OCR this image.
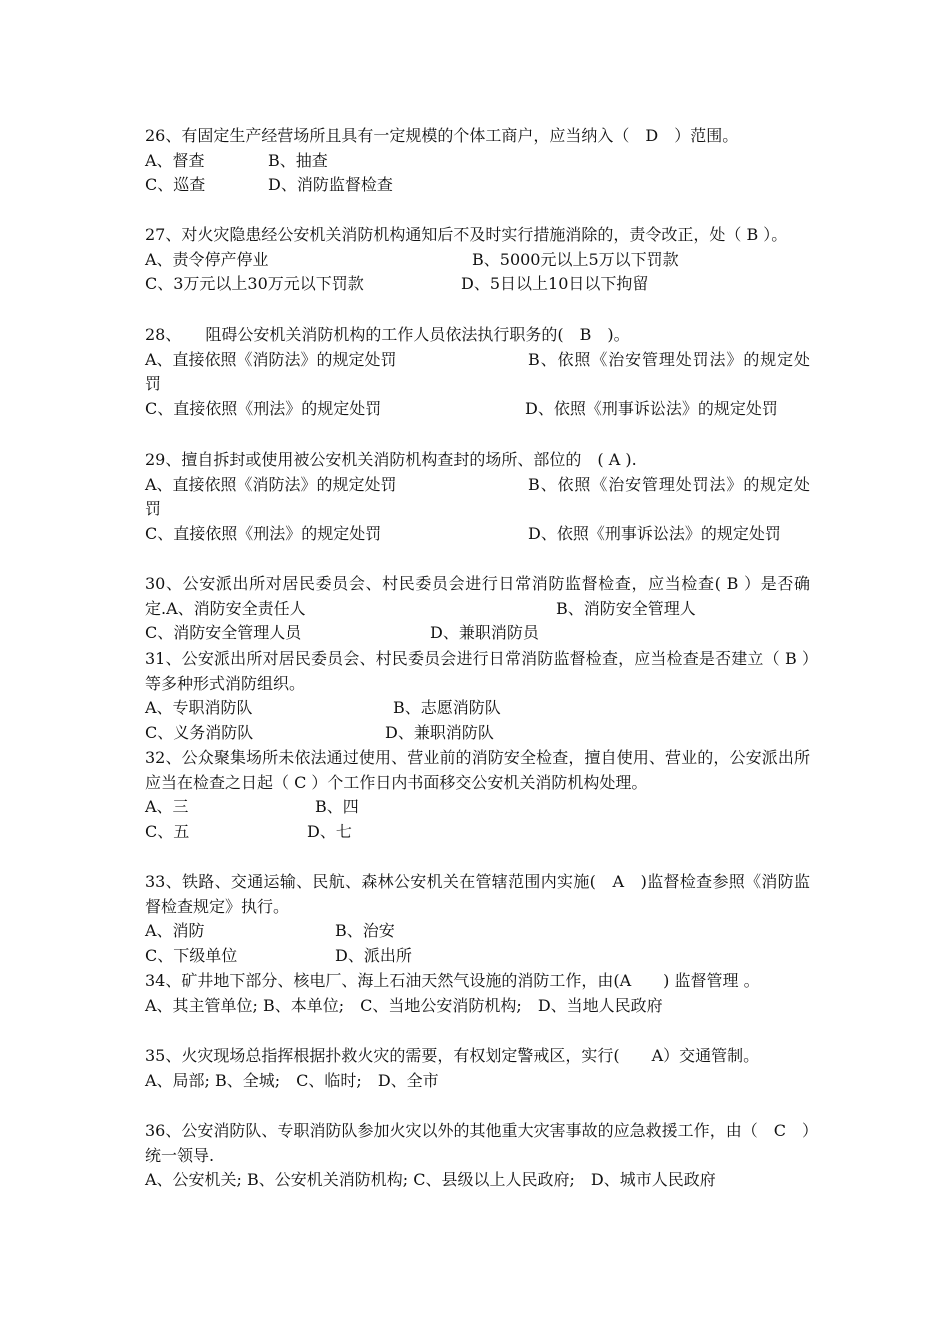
26、有固定生产经营场所且具有一定规模的个体工商户，应当纳入（　D　）范围。

A、督查	B、抽查
C、巡查	D、消防监督检查

27、对火灾隐患经公安机关消防机构通知后不及时实行措施消除的，责令改正，处（ B ）。

A、责令停产停业	B、5000元以上5万以下罚款
C、3万元以上30万元以下罚款	D、5日以上10日以下拘留

28、　　阻碍公安机关消防机构的工作人员依法执行职务的(　B　)。

A、直接依照《消防法》的规定处罚	B、依照《治安管理处罚法》的规定处罚

C、直接依照《刑法》的规定处罚	D、依照《刑事诉讼法》的规定处罚

29、擅自拆封或使用被公安机关消防机构查封的场所、部位的　( A ).

A、直接依照《消防法》的规定处罚	B、依照《治安管理处罚法》的规定处罚

C、直接依照《刑法》的规定处罚	D、依照《刑事诉讼法》的规定处罚

30、公安派出所对居民委员会、村民委员会进行日常消防监督检查，应当检查( B ）是否确定.A、消防安全责任人	B、消防安全管理人
C、消防安全管理人员	D、兼职消防员

31、公安派出所对居民委员会、村民委员会进行日常消防监督检查，应当检查是否建立（ B ）等多种形式消防组织。

A、专职消防队	B、志愿消防队
C、义务消防队	D、兼职消防队

32、公众聚集场所未依法通过使用、营业前的消防安全检查，擅自使用、营业的，公安派出所应当在检查之日起（ C ）个工作日内书面移交公安机关消防机构处理。

A、三	B、四
C、五	D、七

33、铁路、交通运输、民航、森林公安机关在管辖范围内实施(　A　)监督检查参照《消防监督检查规定》执行。

A、消防	B、治安
C、下级单位	D、派出所

34、矿井地下部分、核电厂、海上石油天然气设施的消防工作，由(A　　) 监督管理 。

A、其主管单位; B、本单位;　C、当地公安消防机构;　D、当地人民政府

35、火灾现场总指挥根据扑救火灾的需要，有权划定警戒区，实行(　　A）交通管制。

A、局部; B、全城;　C、临时;　D、全市

36、公安消防队、专职消防队参加火灾以外的其他重大灾害事故的应急救援工作，由（　C　）统一领导.

A、公安机关; B、公安机关消防机构; C、县级以上人民政府;　D、城市人民政府
